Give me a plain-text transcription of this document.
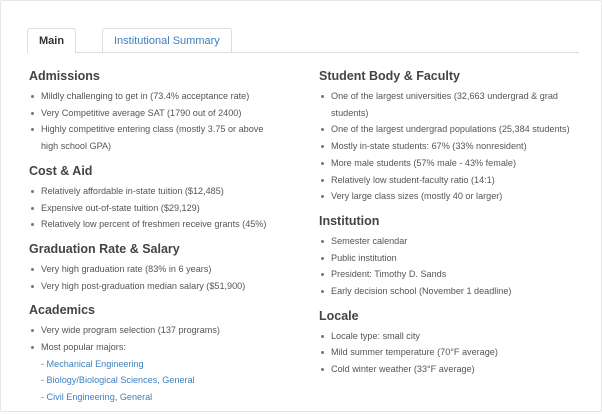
Main	Institutional Summary
Admissions
Mildly challenging to get in (73.4% acceptance rate)
Very Competitive average SAT (1790 out of 2400)
Highly competitive entering class (mostly 3.75 or above
high school GPA)
Cost & Aid
Relatively affordable in-state tuition ($12,485)
Expensive out-of-state tuition ($29,129)
Relatively low percent of freshmen receive grants (45%)
Graduation Rate & Salary
Very high graduation rate (83% in 6 years)
Very high post-graduation median salary ($51,900)
Academics
Very wide program selection (137 programs)
Most popular majors:
- Mechanical Engineering
- Biology/Biological Sciences, General
- Civil Engineering, General
Student Body & Faculty
One of the largest universities (32,663 undergrad & grad
students)
One of the largest undergrad populations (25,384 students)
Mostly in-state students: 67% (33% nonresident)
More male students (57% male - 43% female)
Relatively low student-faculty ratio (14:1)
Very large class sizes (mostly 40 or larger)
Institution
Semester calendar
Public institution
President: Timothy D. Sands
Early decision school (November 1 deadline)
Locale
Locale type: small city
Mild summer temperature (70°F average)
Cold winter weather (33°F average)
